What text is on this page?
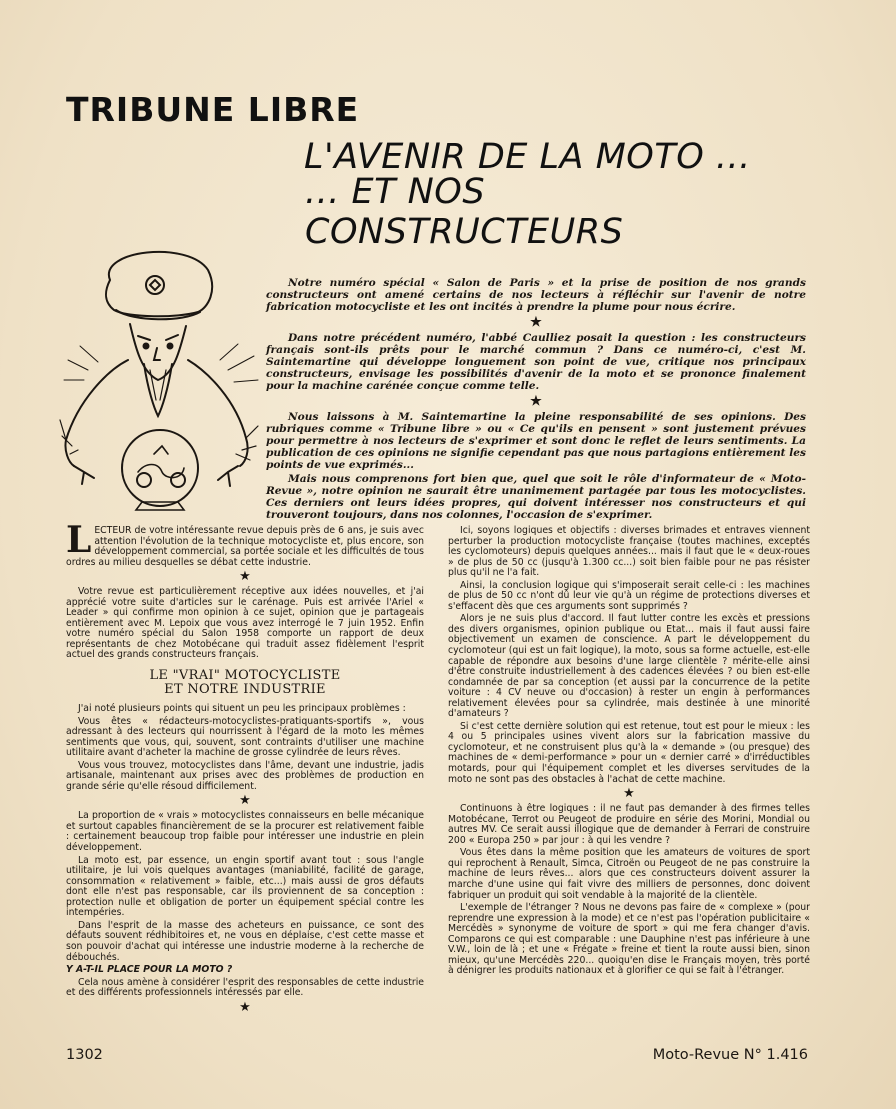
TRIBUNE LIBRE
L'AVENIR DE LA MOTO ...
... ET NOS CONSTRUCTEURS

Notre numéro spécial « Salon de Paris » et la prise de position de nos grands constructeurs ont amené certains de nos lecteurs à réfléchir sur l'avenir de notre fabrication motocycliste et les ont incités à prendre la plume pour nous écrire.

★

Dans notre précédent numéro, l'abbé Caulliez posait la question : les constructeurs français sont-ils prêts pour le marché commun ? Dans ce numéro-ci, c'est M. Saintemartine qui développe longuement son point de vue, critique nos principaux constructeurs, envisage les possibilités d'avenir de la moto et se prononce finalement pour la machine carénée conçue comme telle.

★

Nous laissons à M. Saintemartine la pleine responsabilité de ses opinions. Des rubriques comme « Tribune libre » ou « Ce qu'ils en pensent » sont justement prévues pour permettre à nos lecteurs de s'exprimer et sont donc le reflet de leurs sentiments. La publication de ces opinions ne signifie cependant pas que nous partagions entièrement les points de vue exprimés...

Mais nous comprenons fort bien que, quel que soit le rôle d'informateur de « Moto-Revue », notre opinion ne saurait être unanimement partagée par tous les motocyclistes. Ces derniers ont leurs idées propres, qui doivent intéresser nos constructeurs et qui trouveront toujours, dans nos colonnes, l'occasion de s'exprimer.

LECTEUR de votre intéressante revue depuis près de 6 ans, je suis avec attention l'évolution de la technique motocycliste et, plus encore, son développement commercial, sa portée sociale et les difficultés de tous ordres au milieu desquelles se débat cette industrie.

★

Votre revue est particulièrement réceptive aux idées nouvelles, et j'ai apprécié votre suite d'articles sur le carénage. Puis est arrivée l'Ariel « Leader » qui confirme mon opinion à ce sujet, opinion que je partageais entièrement avec M. Lepoix que vous avez interrogé le 7 juin 1952. Enfin votre numéro spécial du Salon 1958 comporte un rapport de deux représentants de chez Motobécane qui traduit assez fidèlement l'esprit actuel des grands constructeurs français.

LE "VRAI" MOTOCYCLISTE
ET NOTRE INDUSTRIE

J'ai noté plusieurs points qui situent un peu les principaux problèmes :

Vous êtes « rédacteurs-motocyclistes-pratiquants-sportifs », vous adressant à des lecteurs qui nourrissent à l'égard de la moto les mêmes sentiments que vous, qui, souvent, sont contraints d'utiliser une machine utilitaire avant d'acheter la machine de grosse cylindrée de leurs rêves.

Vous vous trouvez, motocyclistes dans l'âme, devant une industrie, jadis artisanale, maintenant aux prises avec des problèmes de production en grande série qu'elle résoud difficilement.

★

La proportion de « vrais » motocyclistes connaisseurs en belle mécanique et surtout capables financièrement de se la procurer est relativement faible : certainement beaucoup trop faible pour intéresser une industrie en plein développement.

La moto est, par essence, un engin sportif avant tout : sous l'angle utilitaire, je lui vois quelques avantages (maniabilité, facilité de garage, consommation « relativement » faible, etc...) mais aussi de gros défauts dont elle n'est pas responsable, car ils proviennent de sa conception : protection nulle et obligation de porter un équipement spécial contre les intempéries.

Dans l'esprit de la masse des acheteurs en puissance, ce sont des défauts souvent rédhibitoires et, ne vous en déplaise, c'est cette masse et son pouvoir d'achat qui intéresse une industrie moderne à la recherche de débouchés.

Y A-T-IL PLACE POUR LA MOTO ?

Cela nous amène à considérer l'esprit des responsables de cette industrie et des différents professionnels intéressés par elle.

★

Ici, soyons logiques et objectifs : diverses brimades et entraves viennent perturber la production motocycliste française (toutes machines, exceptés les cyclomoteurs) depuis quelques années... mais il faut que le « deux-roues » de plus de 50 cc (jusqu'à 1.300 cc...) soit bien faible pour ne pas résister plus qu'il ne l'a fait.

Ainsi, la conclusion logique qui s'imposerait serait celle-ci : les machines de plus de 50 cc n'ont dû leur vie qu'à un régime de protections diverses et s'effacent dès que ces arguments sont supprimés ?

Alors je ne suis plus d'accord. Il faut lutter contre les excès et pressions des divers organismes, opinion publique ou Etat... mais il faut aussi faire objectivement un examen de conscience. A part le développement du cyclomoteur (qui est un fait logique), la moto, sous sa forme actuelle, est-elle capable de répondre aux besoins d'une large clientèle ? mérite-elle ainsi d'être construite industriellement à des cadences élevées ? ou bien est-elle condamnée de par sa conception (et aussi par la concurrence de la petite voiture : 4 CV neuve ou d'occasion) à rester un engin à performances relativement élevées pour sa cylindrée, mais destinée à une minorité d'amateurs ?

Si c'est cette dernière solution qui est retenue, tout est pour le mieux : les 4 ou 5 principales usines vivent alors sur la fabrication massive du cyclomoteur, et ne construisent plus qu'à la « demande » (ou presque) des machines de « demi-performance » pour un « dernier carré » d'irréductibles motards, pour qui l'équipement complet et les diverses servitudes de la moto ne sont pas des obstacles à l'achat de cette machine.

★

Continuons à être logiques : il ne faut pas demander à des firmes telles Motobécane, Terrot ou Peugeot de produire en série des Morini, Mondial ou autres MV. Ce serait aussi illogique que de demander à Ferrari de construire 200 « Europa 250 » par jour : à qui les vendre ?

Vous êtes dans la même position que les amateurs de voitures de sport qui reprochent à Renault, Simca, Citroën ou Peugeot de ne pas construire la machine de leurs rêves... alors que ces constructeurs doivent assurer la marche d'une usine qui fait vivre des milliers de personnes, donc doivent fabriquer un produit qui soit vendable à la majorité de la clientèle.

L'exemple de l'étranger ? Nous ne devons pas faire de « complexe » (pour reprendre une expression à la mode) et ce n'est pas l'opération publicitaire « Mercédès » synonyme de voiture de sport » qui me fera changer d'avis. Comparons ce qui est comparable : une Dauphine n'est pas inférieure à une V.W., loin de là ; et une « Frégate » freine et tient la route aussi bien, sinon mieux, qu'une Mercédès 220... quoiqu'en dise le Français moyen, très porté à dénigrer les produits nationaux et à glorifier ce qui se fait à l'étranger.

1302	Moto-Revue N° 1.416
